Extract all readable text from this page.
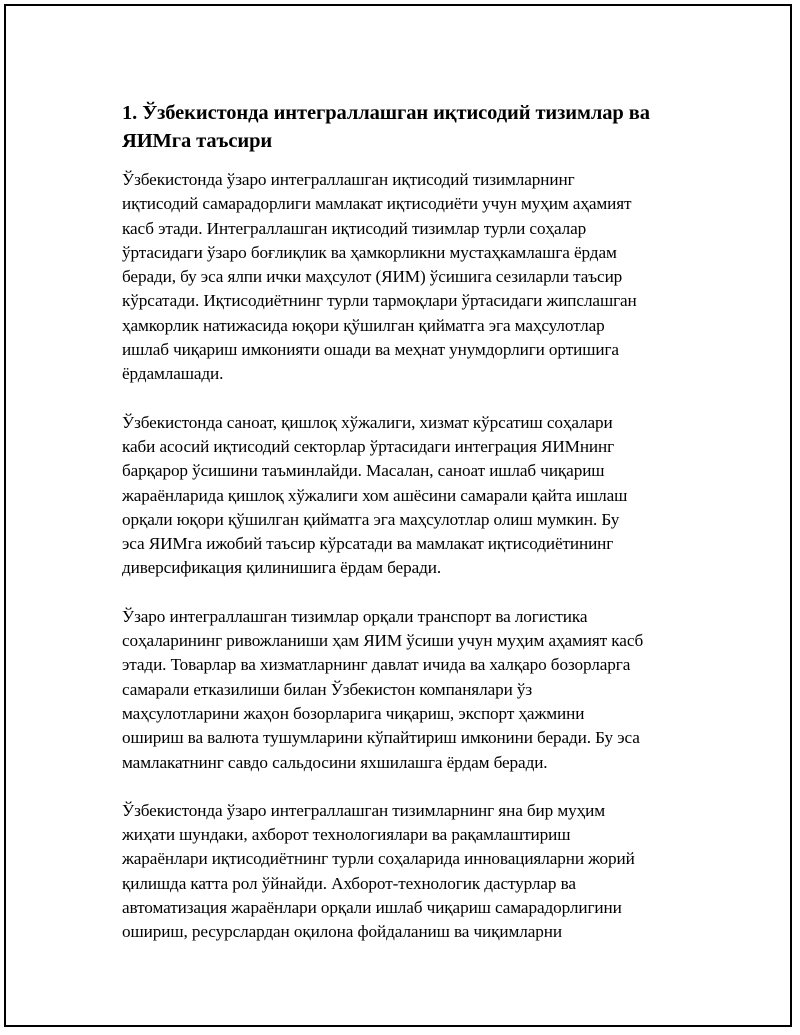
1. Ўзбекистонда интеграллашган иқтисодий тизимлар ва
ЯИМга таъсири

Ўзбекистонда ўзаро интеграллашган иқтисодий тизимларнинг
иқтисодий самарадорлиги мамлакат иқтисодиёти учун муҳим аҳамият
касб этади. Интеграллашган иқтисодий тизимлар турли соҳалар
ўртасидаги ўзаро боғлиқлик ва ҳамкорликни мустаҳкамлашга ёрдам
беради, бу эса ялпи ички маҳсулот (ЯИМ) ўсишига сезиларли таъсир
кўрсатади. Иқтисодиётнинг турли тармоқлари ўртасидаги жипслашган
ҳамкорлик натижасида юқори қўшилган қийматга эга маҳсулотлар
ишлаб чиқариш имконияти ошади ва меҳнат унумдорлиги ортишига
ёрдамлашади.

Ўзбекистонда саноат, қишлоқ хўжалиги, хизмат кўрсатиш соҳалари
каби асосий иқтисодий секторлар ўртасидаги интеграция ЯИМнинг
барқарор ўсишини таъминлайди. Масалан, саноат ишлаб чиқариш
жараёнларида қишлоқ хўжалиги хом ашёсини самарали қайта ишлаш
орқали юқори қўшилган қийматга эга маҳсулотлар олиш мумкин. Бу
эса ЯИМга ижобий таъсир кўрсатади ва мамлакат иқтисодиётининг
диверсификация қилинишига ёрдам беради.

Ўзаро интеграллашган тизимлар орқали транспорт ва логистика
соҳаларининг ривожланиши ҳам ЯИМ ўсиши учун муҳим аҳамият касб
этади. Товарлар ва хизматларнинг давлат ичида ва халқаро бозорларга
самарали етказилиши билан Ўзбекистон компанялари ўз
маҳсулотларини жаҳон бозорларига чиқариш, экспорт ҳажмини
ошириш ва валюта тушумларини кўпайтириш имконини беради. Бу эса
мамлакатнинг савдо сальдосини яхшилашга ёрдам беради.

Ўзбекистонда ўзаро интеграллашган тизимларнинг яна бир муҳим
жиҳати шундаки, ахборот технологиялари ва рақамлаштириш
жараёнлари иқтисодиётнинг турли соҳаларида инновацияларни жорий
қилишда катта рол ўйнайди. Ахборот-технологик дастурлар ва
автоматизация жараёнлари орқали ишлаб чиқариш самарадорлигини
ошириш, ресурслардан оқилона фойдаланиш ва чиқимларни
